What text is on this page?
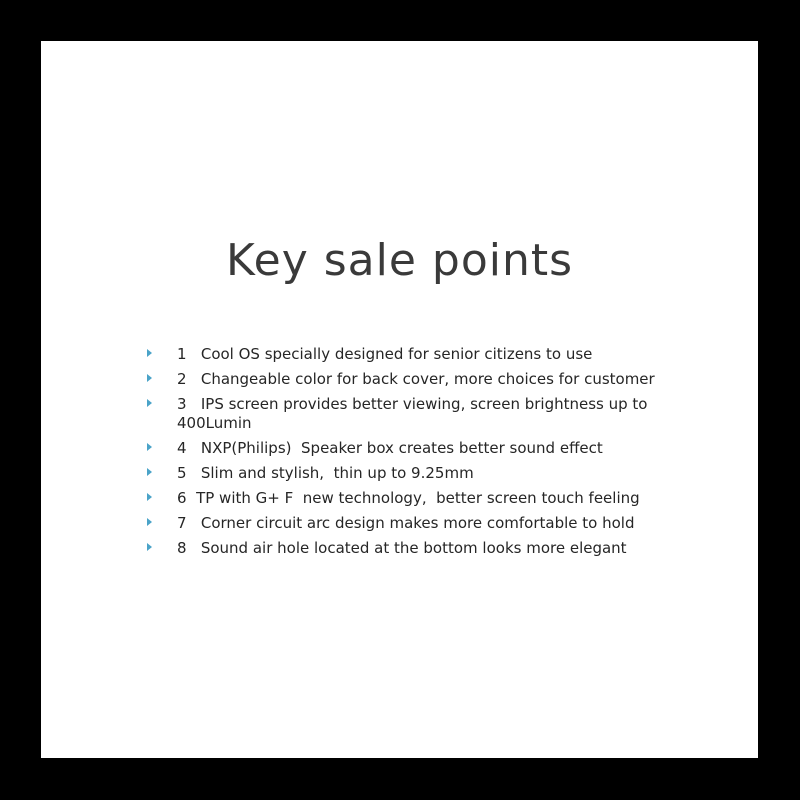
Key sale points
1   Cool OS specially designed for senior citizens to use
2   Changeable color for back cover, more choices for customer
3   IPS screen provides better viewing, screen brightness up to 400Lumin
4   NXP(Philips)  Speaker box creates better sound effect
5   Slim and stylish,  thin up to 9.25mm
6  TP with G+ F  new technology,  better screen touch feeling
7   Corner circuit arc design makes more comfortable to hold
8   Sound air hole located at the bottom looks more elegant
